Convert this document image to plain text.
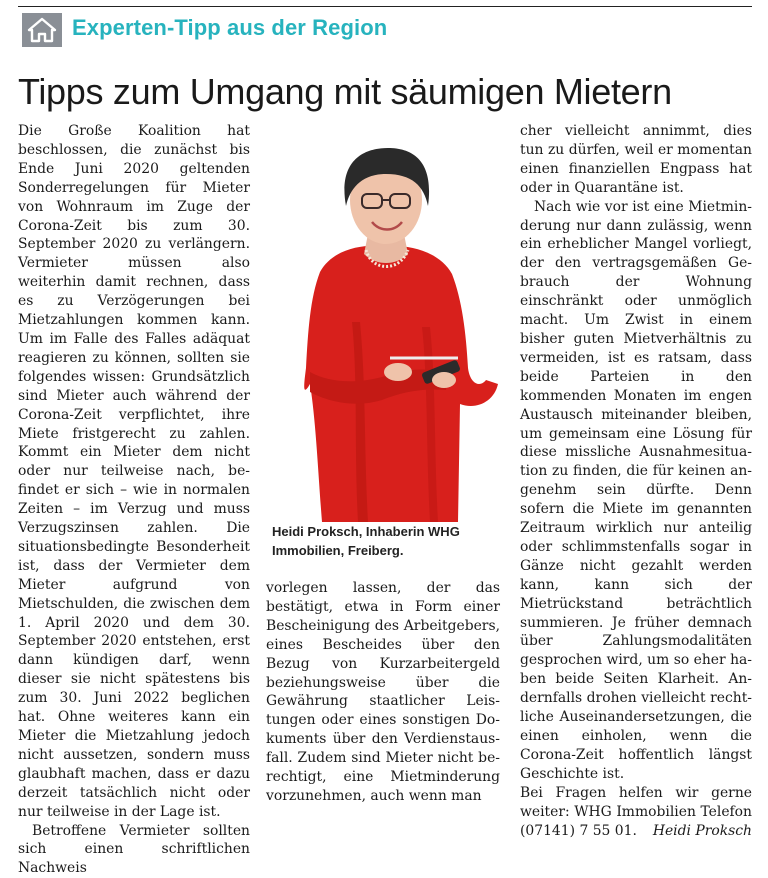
Experten-Tipp aus der Region
Tipps zum Umgang mit säumigen Mietern

Die Große Koalition hat beschlossen, die zunächst bis Ende Juni 2020 geltenden Sonderregelungen für Mieter von Wohnraum im Zuge der Corona-Zeit bis zum 30. September 2020 zu verlängern. Vermieter müssen also weiterhin damit rechnen, dass es zu Verzögerungen bei Mietzahlungen kommen kann. Um im Falle des Falles adäquat reagieren zu können, sollten sie folgendes wissen: Grundsätzlich sind Mieter auch während der Corona-Zeit verpflichtet, ihre Miete fristgerecht zu zahlen. Kommt ein Mieter dem nicht oder nur teilweise nach, befindet er sich – wie in normalen Zeiten – im Verzug und muss Verzugszinsen zahlen. Die situationsbedingte Besonderheit ist, dass der Vermieter dem Mieter aufgrund von Mietschulden, die zwischen dem 1. April 2020 und dem 30. September 2020 entstehen, erst dann kündigen darf, wenn dieser sie nicht spätestens bis zum 30. Juni 2022 beglichen hat. Ohne weiteres kann ein Mieter die Mietzahlung jedoch nicht aussetzen, sondern muss glaubhaft machen, dass er dazu derzeit tatsächlich nicht oder nur teilweise in der Lage ist.

Betroffene Vermieter sollten sich einen schriftlichen Nachweis

Heidi Proksch, Inhaberin WHG Immobilien, Freiberg.

vorlegen lassen, der das bestätigt, etwa in Form einer Bescheinigung des Arbeitgebers, eines Bescheides über den Bezug von Kurzarbeitergeld beziehungsweise über die Gewährung staatlicher Leistungen oder eines sonstigen Dokuments über den Verdienstausfall. Zudem sind Mieter nicht berechtigt, eine Mietminderung vorzunehmen, auch wenn man

cher vielleicht annimmt, dies tun zu dürfen, weil er momentan einen finanziellen Engpass hat oder in Quarantäne ist.

Nach wie vor ist eine Mietminderung nur dann zulässig, wenn ein erheblicher Mangel vorliegt, der den vertragsgemäßen Gebrauch der Wohnung einschränkt oder unmöglich macht. Um Zwist in einem bisher guten Mietverhältnis zu vermeiden, ist es ratsam, dass beide Parteien in den kommenden Monaten im engen Austausch miteinander bleiben, um gemeinsam eine Lösung für diese missliche Ausnahmesituation zu finden, die für keinen angenehm sein dürfte. Denn sofern die Miete im genannten Zeitraum wirklich nur anteilig oder schlimmstenfalls sogar in Gänze nicht gezahlt werden kann, kann sich der Mietrückstand beträchtlich summieren. Je früher demnach über Zahlungsmodalitäten gesprochen wird, um so eher haben beide Seiten Klarheit. Andernfalls drohen vielleicht rechtliche Auseinandersetzungen, die einen einholen, wenn die Corona-Zeit hoffentlich längst Geschichte ist.

Bei Fragen helfen wir gerne weiter: WHG Immobilien Telefon (07141) 7 55 01. Heidi Proksch
